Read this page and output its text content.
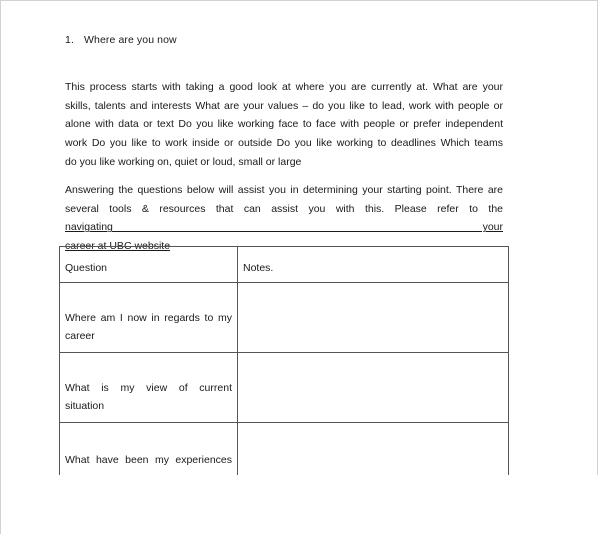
1. Where are you now

This process starts with taking a good look at where you are currently at. What are your
skills, talents and interests What are your values – do you like to lead, work with people or
alone with data or text Do you like working face to face with people or prefer independent
work Do you like to work inside or outside Do you like working to deadlines Which teams
do you like working on, quiet or loud, small or large

Answering the questions below will assist you in determining your starting point. There are
several tools & resources that can assist you with this. Please refer to the
navigating your
career at UBC website

Question	Notes.

Where am I now in regards to my
career	

What is my view of current
situation	

What have been my experiences	
